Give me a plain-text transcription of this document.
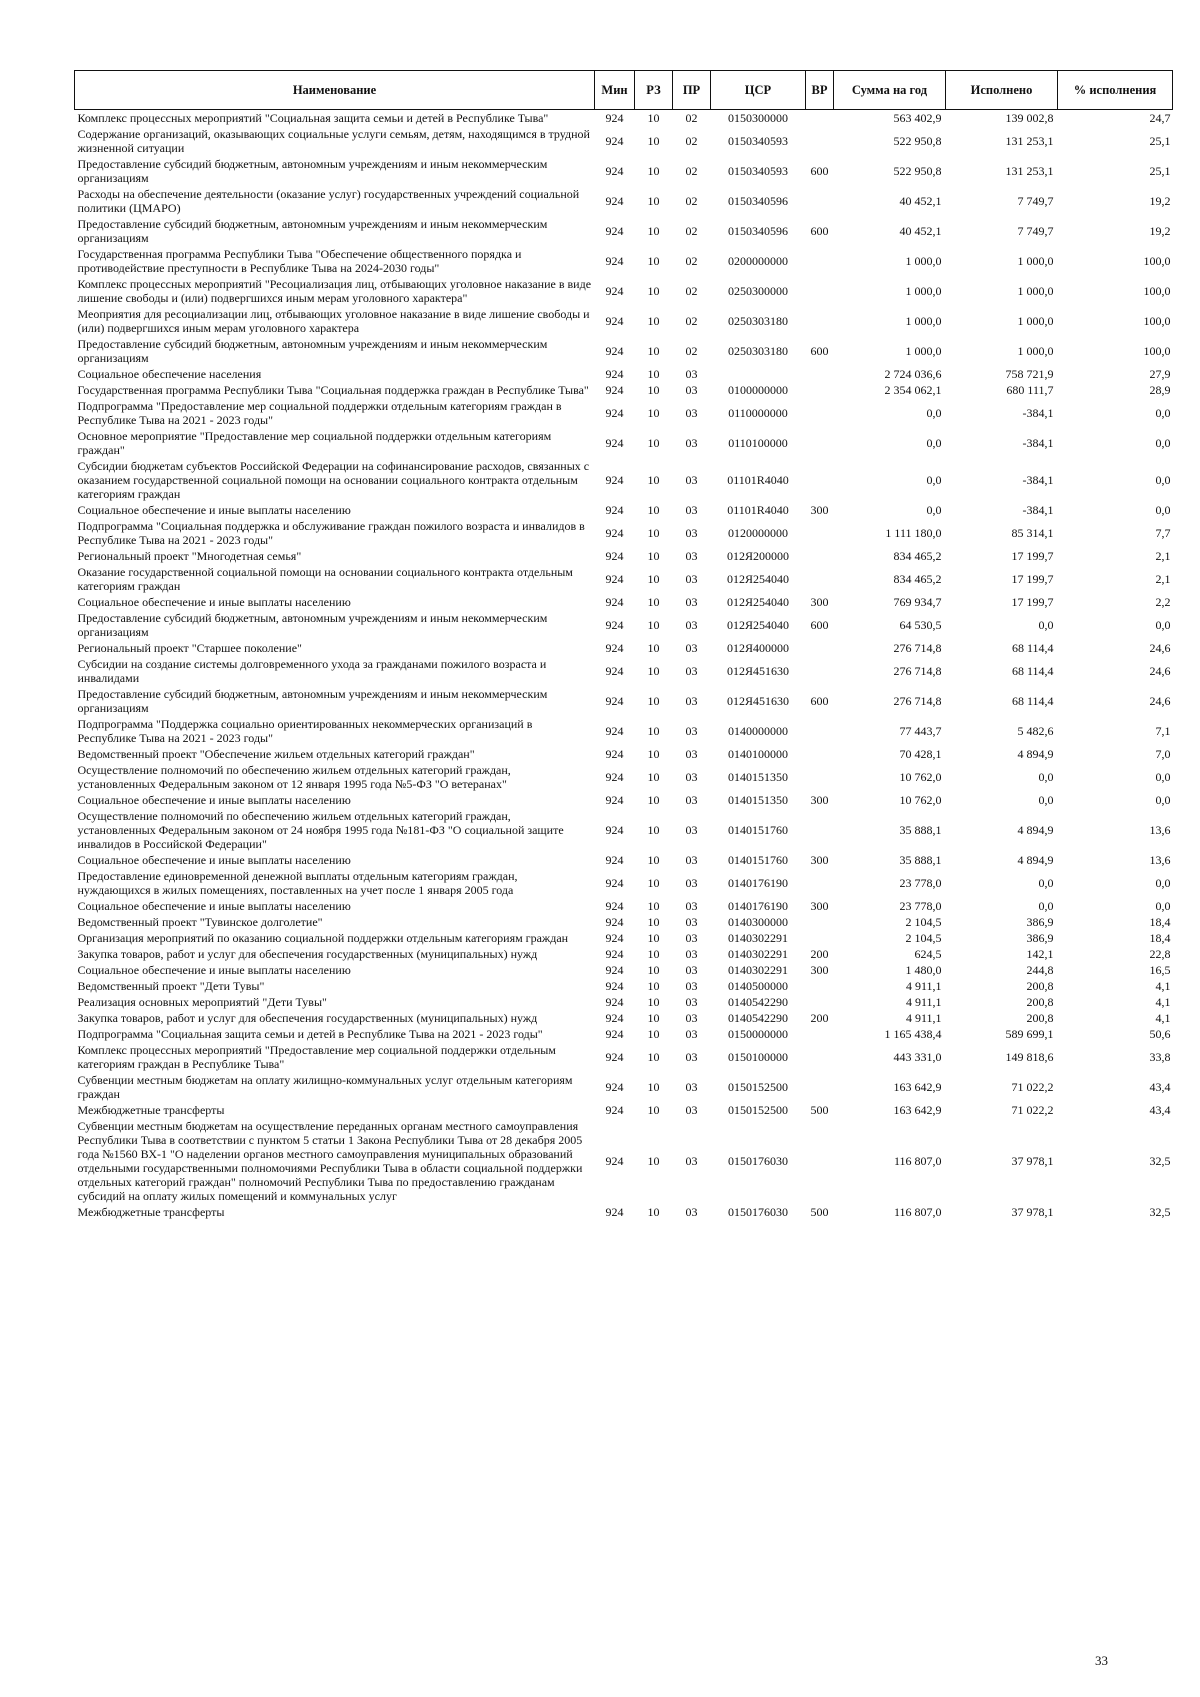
Наименование	Мин	РЗ	ПР	ЦСР	ВР	Сумма на год	Исполнено	% исполнения
Комплекс процессных мероприятий "Социальная защита семьи и детей в Республике Тыва"	924	10	02	0150300000		563 402,9	139 002,8	24,7
Содержание организаций, оказывающих социальные услуги семьям, детям, находящимся в трудной жизненной ситуации	924	10	02	0150340593		522 950,8	131 253,1	25,1
Предоставление субсидий бюджетным, автономным учреждениям и иным некоммерческим организациям	924	10	02	0150340593	600	522 950,8	131 253,1	25,1
Расходы на обеспечение деятельности (оказание услуг) государственных учреждений социальной политики (ЦМАРО)	924	10	02	0150340596		40 452,1	7 749,7	19,2
Предоставление субсидий бюджетным, автономным учреждениям и иным некоммерческим организациям	924	10	02	0150340596	600	40 452,1	7 749,7	19,2
Государственная программа Республики Тыва "Обеспечение общественного порядка и противодействие преступности в Республике Тыва на 2024-2030 годы"	924	10	02	0200000000		1 000,0	1 000,0	100,0
Комплекс процессных мероприятий "Ресоциализация лиц, отбывающих уголовное наказание в виде лишение свободы и (или) подвергшихся иным мерам уголовного характера"	924	10	02	0250300000		1 000,0	1 000,0	100,0
Меоприятия для ресоциализации лиц, отбывающих уголовное наказание в виде лишение свободы и (или) подвергшихся иным мерам уголовного характера	924	10	02	0250303180		1 000,0	1 000,0	100,0
Предоставление субсидий бюджетным, автономным учреждениям и иным некоммерческим организациям	924	10	02	0250303180	600	1 000,0	1 000,0	100,0
Социальное обеспечение населения	924	10	03			2 724 036,6	758 721,9	27,9
Государственная программа Республики Тыва "Социальная поддержка граждан в Республике Тыва"	924	10	03	0100000000		2 354 062,1	680 111,7	28,9
Подпрограмма "Предоставление мер социальной поддержки отдельным категориям граждан в Республике Тыва на 2021 - 2023 годы"	924	10	03	0110000000		0,0	-384,1	0,0
Основное мероприятие "Предоставление мер социальной поддержки отдельным категориям граждан"	924	10	03	0110100000		0,0	-384,1	0,0
Субсидии бюджетам субъектов Российской Федерации на софинансирование расходов, связанных с оказанием государственной социальной помощи на основании социального контракта отдельным категориям граждан	924	10	03	01101R4040		0,0	-384,1	0,0
Социальное обеспечение и иные выплаты населению	924	10	03	01101R4040	300	0,0	-384,1	0,0
Подпрограмма "Социальная поддержка и обслуживание граждан пожилого возраста и инвалидов в Республике Тыва на 2021 - 2023 годы"	924	10	03	0120000000		1 111 180,0	85 314,1	7,7
Региональный проект "Многодетная семья"	924	10	03	012Я200000		834 465,2	17 199,7	2,1
Оказание государственной социальной помощи на основании социального контракта отдельным категориям граждан	924	10	03	012Я254040		834 465,2	17 199,7	2,1
Социальное обеспечение и иные выплаты населению	924	10	03	012Я254040	300	769 934,7	17 199,7	2,2
Предоставление субсидий бюджетным, автономным учреждениям и иным некоммерческим организациям	924	10	03	012Я254040	600	64 530,5	0,0	0,0
Региональный проект "Старшее поколение"	924	10	03	012Я400000		276 714,8	68 114,4	24,6
Субсидии на создание системы долговременного ухода за гражданами пожилого возраста и инвалидами	924	10	03	012Я451630		276 714,8	68 114,4	24,6
Предоставление субсидий бюджетным, автономным учреждениям и иным некоммерческим организациям	924	10	03	012Я451630	600	276 714,8	68 114,4	24,6
Подпрограмма "Поддержка социально ориентированных некоммерческих организаций в Республике Тыва на 2021 - 2023 годы"	924	10	03	0140000000		77 443,7	5 482,6	7,1
Ведомственный проект "Обеспечение жильем отдельных категорий граждан"	924	10	03	0140100000		70 428,1	4 894,9	7,0
Осуществление полномочий по обеспечению жильем отдельных категорий граждан, установленных Федеральным законом от 12 января 1995 года №5-ФЗ "О ветеранах"	924	10	03	0140151350		10 762,0	0,0	0,0
Социальное обеспечение и иные выплаты населению	924	10	03	0140151350	300	10 762,0	0,0	0,0
Осуществление полномочий по обеспечению жильем отдельных категорий граждан, установленных Федеральным законом от 24 ноября 1995 года №181-ФЗ "О социальной защите инвалидов в Российской Федерации"	924	10	03	0140151760		35 888,1	4 894,9	13,6
Социальное обеспечение и иные выплаты населению	924	10	03	0140151760	300	35 888,1	4 894,9	13,6
Предоставление единовременной денежной выплаты отдельным категориям граждан, нуждающихся в жилых помещениях, поставленных на учет после 1 января 2005 года	924	10	03	0140176190		23 778,0	0,0	0,0
Социальное обеспечение и иные выплаты населению	924	10	03	0140176190	300	23 778,0	0,0	0,0
Ведомственный проект "Тувинское долголетие"	924	10	03	0140300000		2 104,5	386,9	18,4
Организация мероприятий по оказанию социальной поддержки отдельным категориям граждан	924	10	03	0140302291		2 104,5	386,9	18,4
Закупка товаров, работ и услуг для обеспечения государственных (муниципальных) нужд	924	10	03	0140302291	200	624,5	142,1	22,8
Социальное обеспечение и иные выплаты населению	924	10	03	0140302291	300	1 480,0	244,8	16,5
Ведомственный проект "Дети Тувы"	924	10	03	0140500000		4 911,1	200,8	4,1
Реализация основных мероприятий "Дети Тувы"	924	10	03	0140542290		4 911,1	200,8	4,1
Закупка товаров, работ и услуг для обеспечения государственных (муниципальных) нужд	924	10	03	0140542290	200	4 911,1	200,8	4,1
Подпрограмма "Социальная защита семьи и детей в Республике Тыва на 2021 - 2023 годы"	924	10	03	0150000000		1 165 438,4	589 699,1	50,6
Комплекс процессных мероприятий "Предоставление мер социальной поддержки отдельным категориям граждан в Республике Тыва"	924	10	03	0150100000		443 331,0	149 818,6	33,8
Субвенции местным бюджетам на оплату жилищно-коммунальных услуг отдельным категориям граждан	924	10	03	0150152500		163 642,9	71 022,2	43,4
Межбюджетные трансферты	924	10	03	0150152500	500	163 642,9	71 022,2	43,4
Субвенции местным бюджетам на осуществление переданных органам местного самоуправления Республики Тыва в соответствии с пунктом 5 статьи 1 Закона Республики Тыва от 28 декабря 2005 года №1560 ВХ-1 "О наделении органов местного самоуправления муниципальных образований отдельными государственными полномочиями Республики Тыва в области социальной поддержки отдельных категорий граждан" полномочий Республики Тыва по предоставлению гражданам субсидий на оплату жилых помещений и коммунальных услуг	924	10	03	0150176030		116 807,0	37 978,1	32,5
Межбюджетные трансферты	924	10	03	0150176030	500	116 807,0	37 978,1	32,5
33
